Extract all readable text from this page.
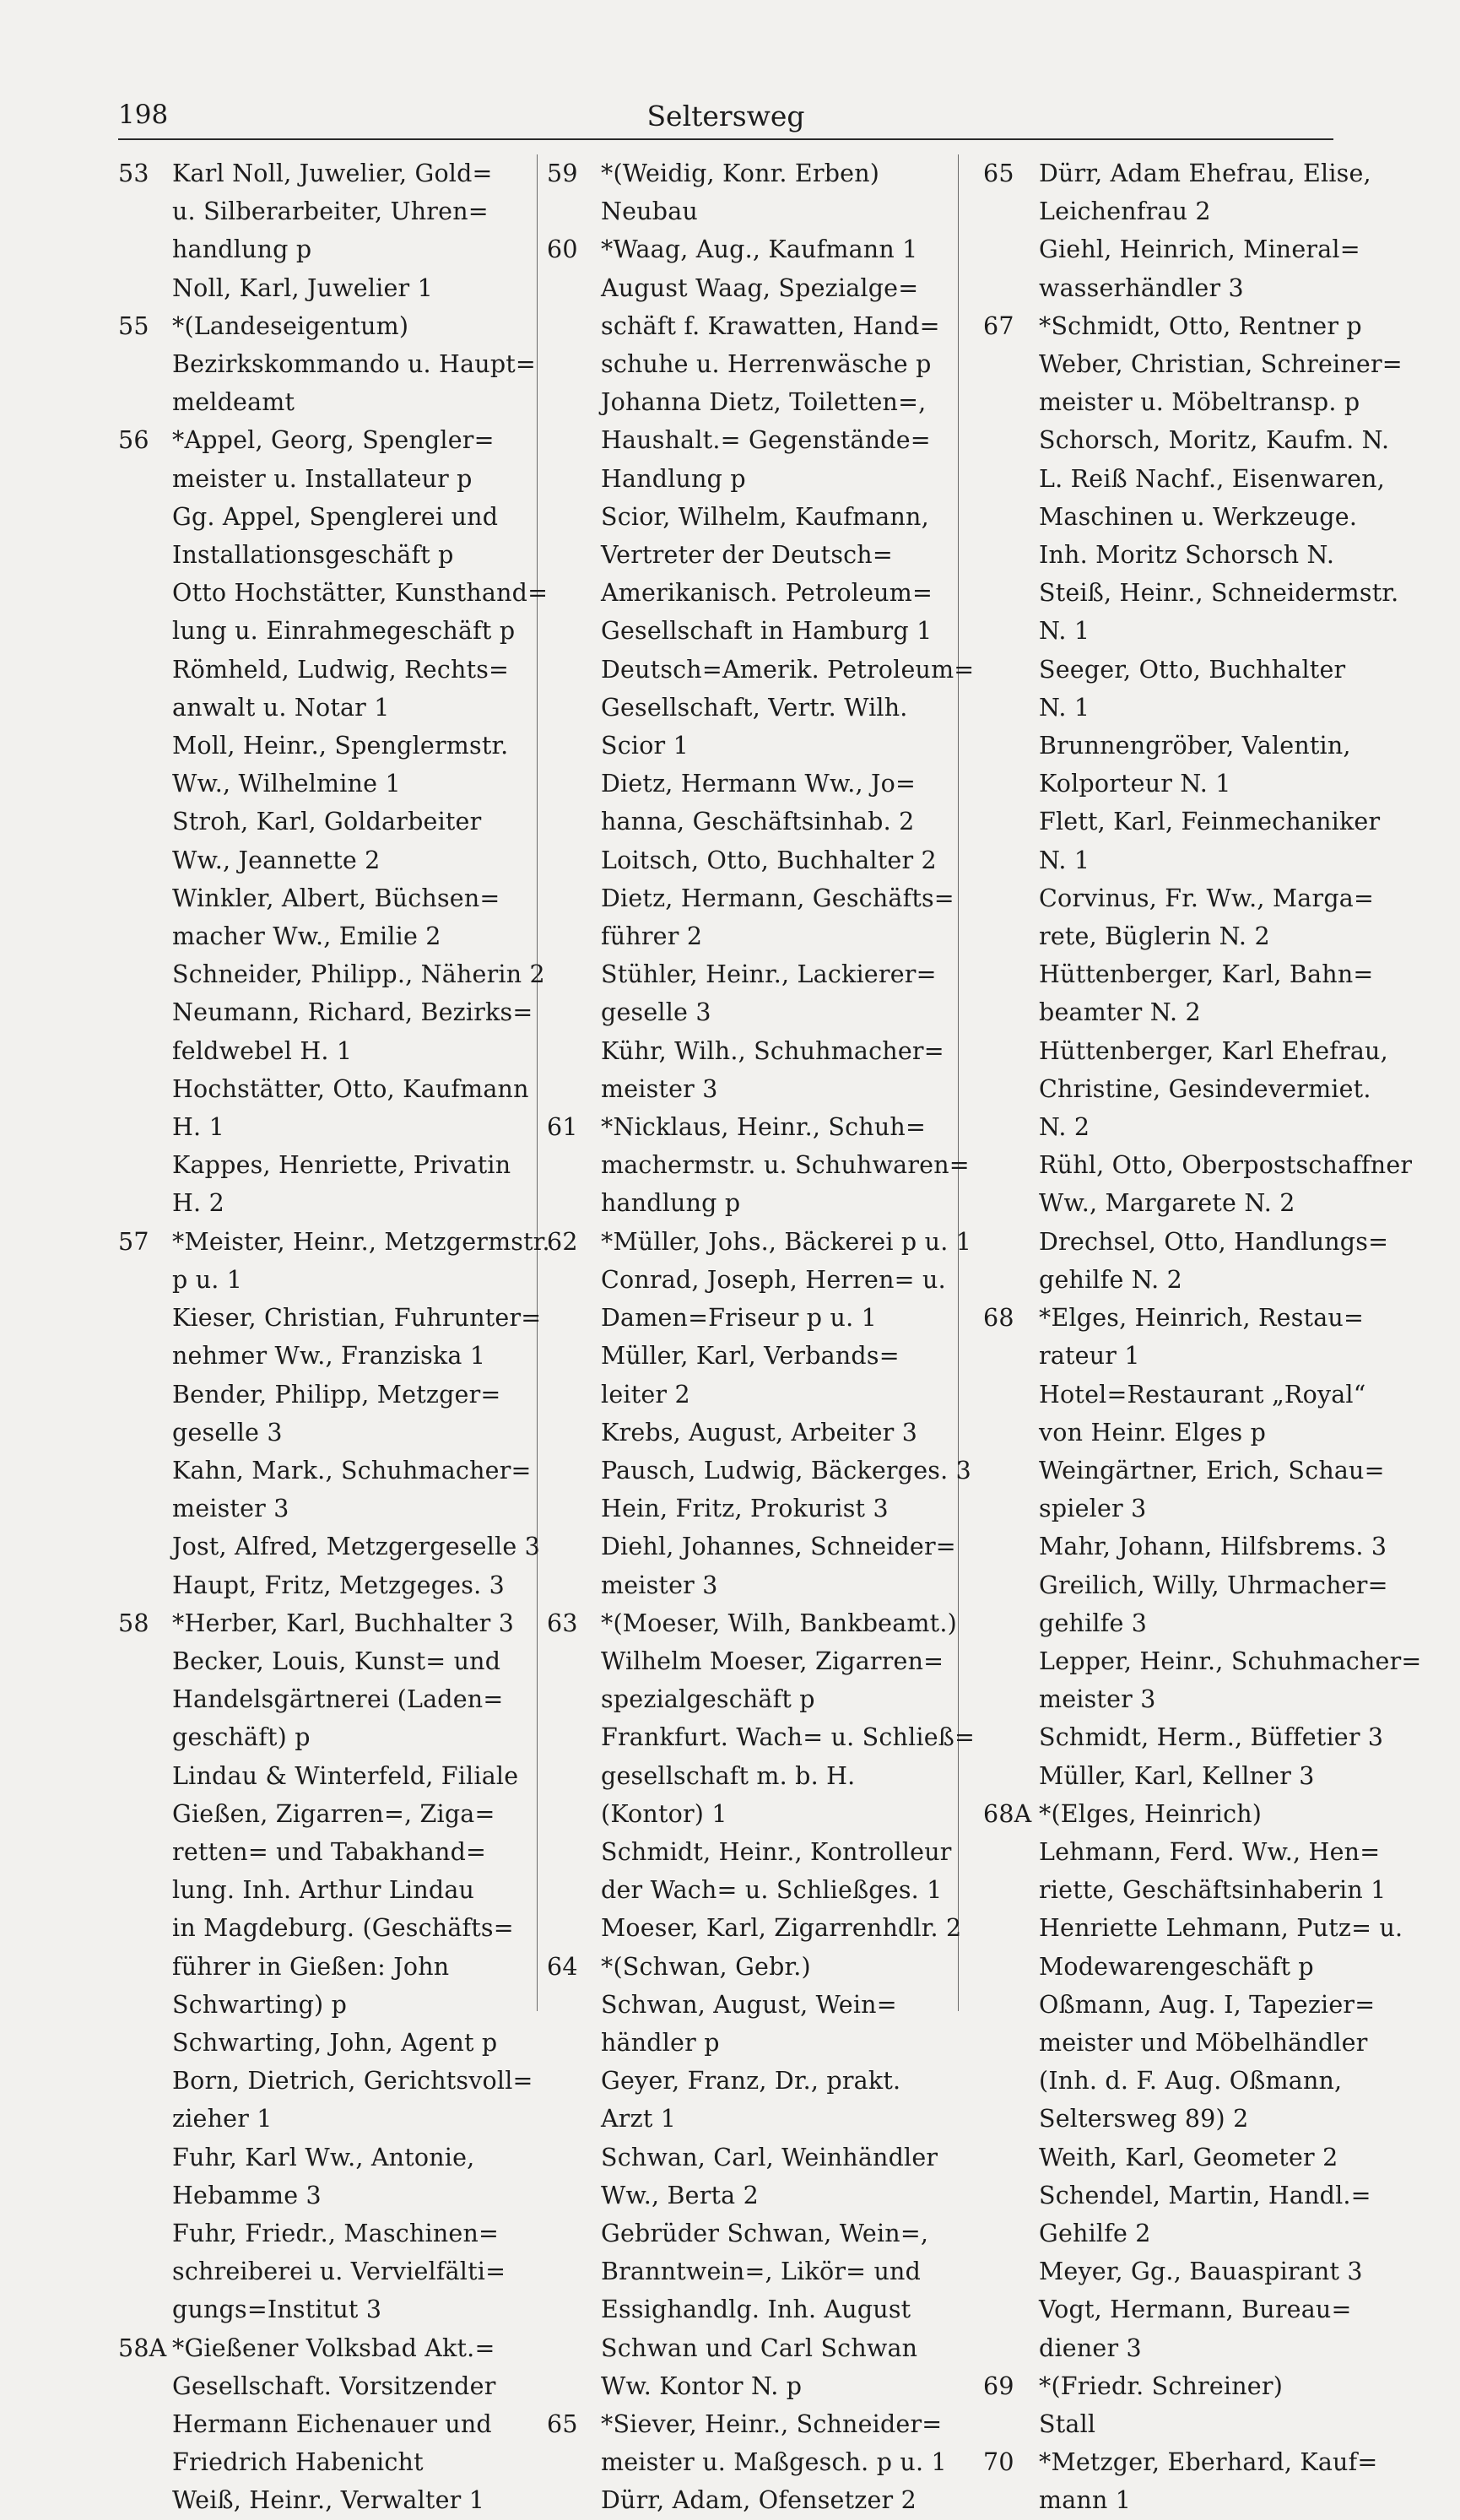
198	Seltersweg
53 Karl Noll, Juwelier, Gold=
u. Silberarbeiter, Uhren=
handlung p
Noll, Karl, Juwelier 1
55 *(Landeseigentum)
Bezirkskommando u. Haupt=
meldeamt
56 *Appel, Georg, Spengler=
meister u. Installateur p
Gg. Appel, Spenglerei und
Installationsgeschäft p
Otto Hochstätter, Kunsthand=
lung u. Einrahmegeschäft p
Römheld, Ludwig, Rechts=
anwalt u. Notar 1
Moll, Heinr., Spenglermstr.
Ww., Wilhelmine 1
Stroh, Karl, Goldarbeiter
Ww., Jeannette 2
Winkler, Albert, Büchsen=
macher Ww., Emilie 2
Schneider, Philipp., Näherin 2
Neumann, Richard, Bezirks=
feldwebel H. 1
Hochstätter, Otto, Kaufmann
H. 1
Kappes, Henriette, Privatin
H. 2
57 *Meister, Heinr., Metzgermstr.
p u. 1
Kieser, Christian, Fuhrunter=
nehmer Ww., Franziska 1
Bender, Philipp, Metzger=
geselle 3
Kahn, Mark., Schuhmacher=
meister 3
Jost, Alfred, Metzgergeselle 3
Haupt, Fritz, Metzgeges. 3
58 *Herber, Karl, Buchhalter 3
Becker, Louis, Kunst= und
Handelsgärtnerei (Laden=
geschäft) p
Lindau & Winterfeld, Filiale
Gießen, Zigarren=, Ziga=
retten= und Tabakhand=
lung. Inh. Arthur Lindau
in Magdeburg. (Geschäfts=
führer in Gießen: John
Schwarting) p
Schwarting, John, Agent p
Born, Dietrich, Gerichtsvoll=
zieher 1
Fuhr, Karl Ww., Antonie,
Hebamme 3
Fuhr, Friedr., Maschinen=
schreiberei u. Vervielfälti=
gungs=Institut 3
58A *Gießener Volksbad Akt.=
Gesellschaft. Vorsitzender
Hermann Eichenauer und
Friedrich Habenicht
Weiß, Heinr., Verwalter 1
59 *(Weidig, Konr. Erben)
Neubau
60 *Waag, Aug., Kaufmann 1
August Waag, Spezialge=
schäft f. Krawatten, Hand=
schuhe u. Herrenwäsche p
Johanna Dietz, Toiletten=,
Haushalt.= Gegenstände=
Handlung p
Scior, Wilhelm, Kaufmann,
Vertreter der Deutsch=
Amerikanisch. Petroleum=
Gesellschaft in Hamburg 1
Deutsch=Amerik. Petroleum=
Gesellschaft, Vertr. Wilh.
Scior 1
Dietz, Hermann Ww., Jo=
hanna, Geschäftsinhab. 2
Loitsch, Otto, Buchhalter 2
Dietz, Hermann, Geschäfts=
führer 2
Stühler, Heinr., Lackierer=
geselle 3
Kühr, Wilh., Schuhmacher=
meister 3
61 *Nicklaus, Heinr., Schuh=
machermstr. u. Schuhwaren=
handlung p
62 *Müller, Johs., Bäckerei p u. 1
Conrad, Joseph, Herren= u.
Damen=Friseur p u. 1
Müller, Karl, Verbands=
leiter 2
Krebs, August, Arbeiter 3
Pausch, Ludwig, Bäckerges. 3
Hein, Fritz, Prokurist 3
Diehl, Johannes, Schneider=
meister 3
63 *(Moeser, Wilh, Bankbeamt.)
Wilhelm Moeser, Zigarren=
spezialgeschäft p
Frankfurt. Wach= u. Schließ=
gesellschaft m. b. H.
(Kontor) 1
Schmidt, Heinr., Kontrolleur
der Wach= u. Schließges. 1
Moeser, Karl, Zigarrenhdlr. 2
64 *(Schwan, Gebr.)
Schwan, August, Wein=
händler p
Geyer, Franz, Dr., prakt.
Arzt 1
Schwan, Carl, Weinhändler
Ww., Berta 2
Gebrüder Schwan, Wein=,
Branntwein=, Likör= und
Essighandlg. Inh. August
Schwan und Carl Schwan
Ww. Kontor N. p
65 *Siever, Heinr., Schneider=
meister u. Maßgesch. p u. 1
Dürr, Adam, Ofensetzer 2
65	Dürr, Adam Ehefrau, Elise,
Leichenfrau 2
Giehl, Heinrich, Mineral=
wasserhändler 3
67	*Schmidt, Otto, Rentner p
Weber, Christian, Schreiner=
meister u. Möbeltransp. p
Schorsch, Moritz, Kaufm. N.
L. Reiß Nachf., Eisenwaren,
Maschinen u. Werkzeuge.
Inh. Moritz Schorsch N.
Steiß, Heinr., Schneidermstr.
N. 1
Seeger, Otto, Buchhalter
N. 1
Brunnengröber, Valentin,
Kolporteur N. 1
Flett, Karl, Feinmechaniker
N. 1
Corvinus, Fr. Ww., Marga=
rete, Büglerin N. 2
Hüttenberger, Karl, Bahn=
beamter N. 2
Hüttenberger, Karl Ehefrau,
Christine, Gesindevermiet.
N. 2
Rühl, Otto, Oberpostschaffner
Ww., Margarete N. 2
Drechsel, Otto, Handlungs=
gehilfe N. 2
68	*Elges, Heinrich, Restau=
rateur 1
Hotel=Restaurant „Royal“
von Heinr. Elges p
Weingärtner, Erich, Schau=
spieler 3
Mahr, Johann, Hilfsbrems. 3
Greilich, Willy, Uhrmacher=
gehilfe 3
Lepper, Heinr., Schuhmacher=
meister 3
Schmidt, Herm., Büffetier 3
Müller, Karl, Kellner 3
68A *(Elges, Heinrich)
Lehmann, Ferd. Ww., Hen=
riette, Geschäftsinhaberin 1
Henriette Lehmann, Putz= u.
Modewarengeschäft p
Oßmann, Aug. I, Tapezier=
meister und Möbelhändler
(Inh. d. F. Aug. Oßmann,
Seltersweg 89) 2
Weith, Karl, Geometer 2
Schendel, Martin, Handl.=
Gehilfe 2
Meyer, Gg., Bauaspirant 3
Vogt, Hermann, Bureau=
diener 3
69	*(Friedr. Schreiner)
Stall
70	*Metzger, Eberhard, Kauf=
mann 1
